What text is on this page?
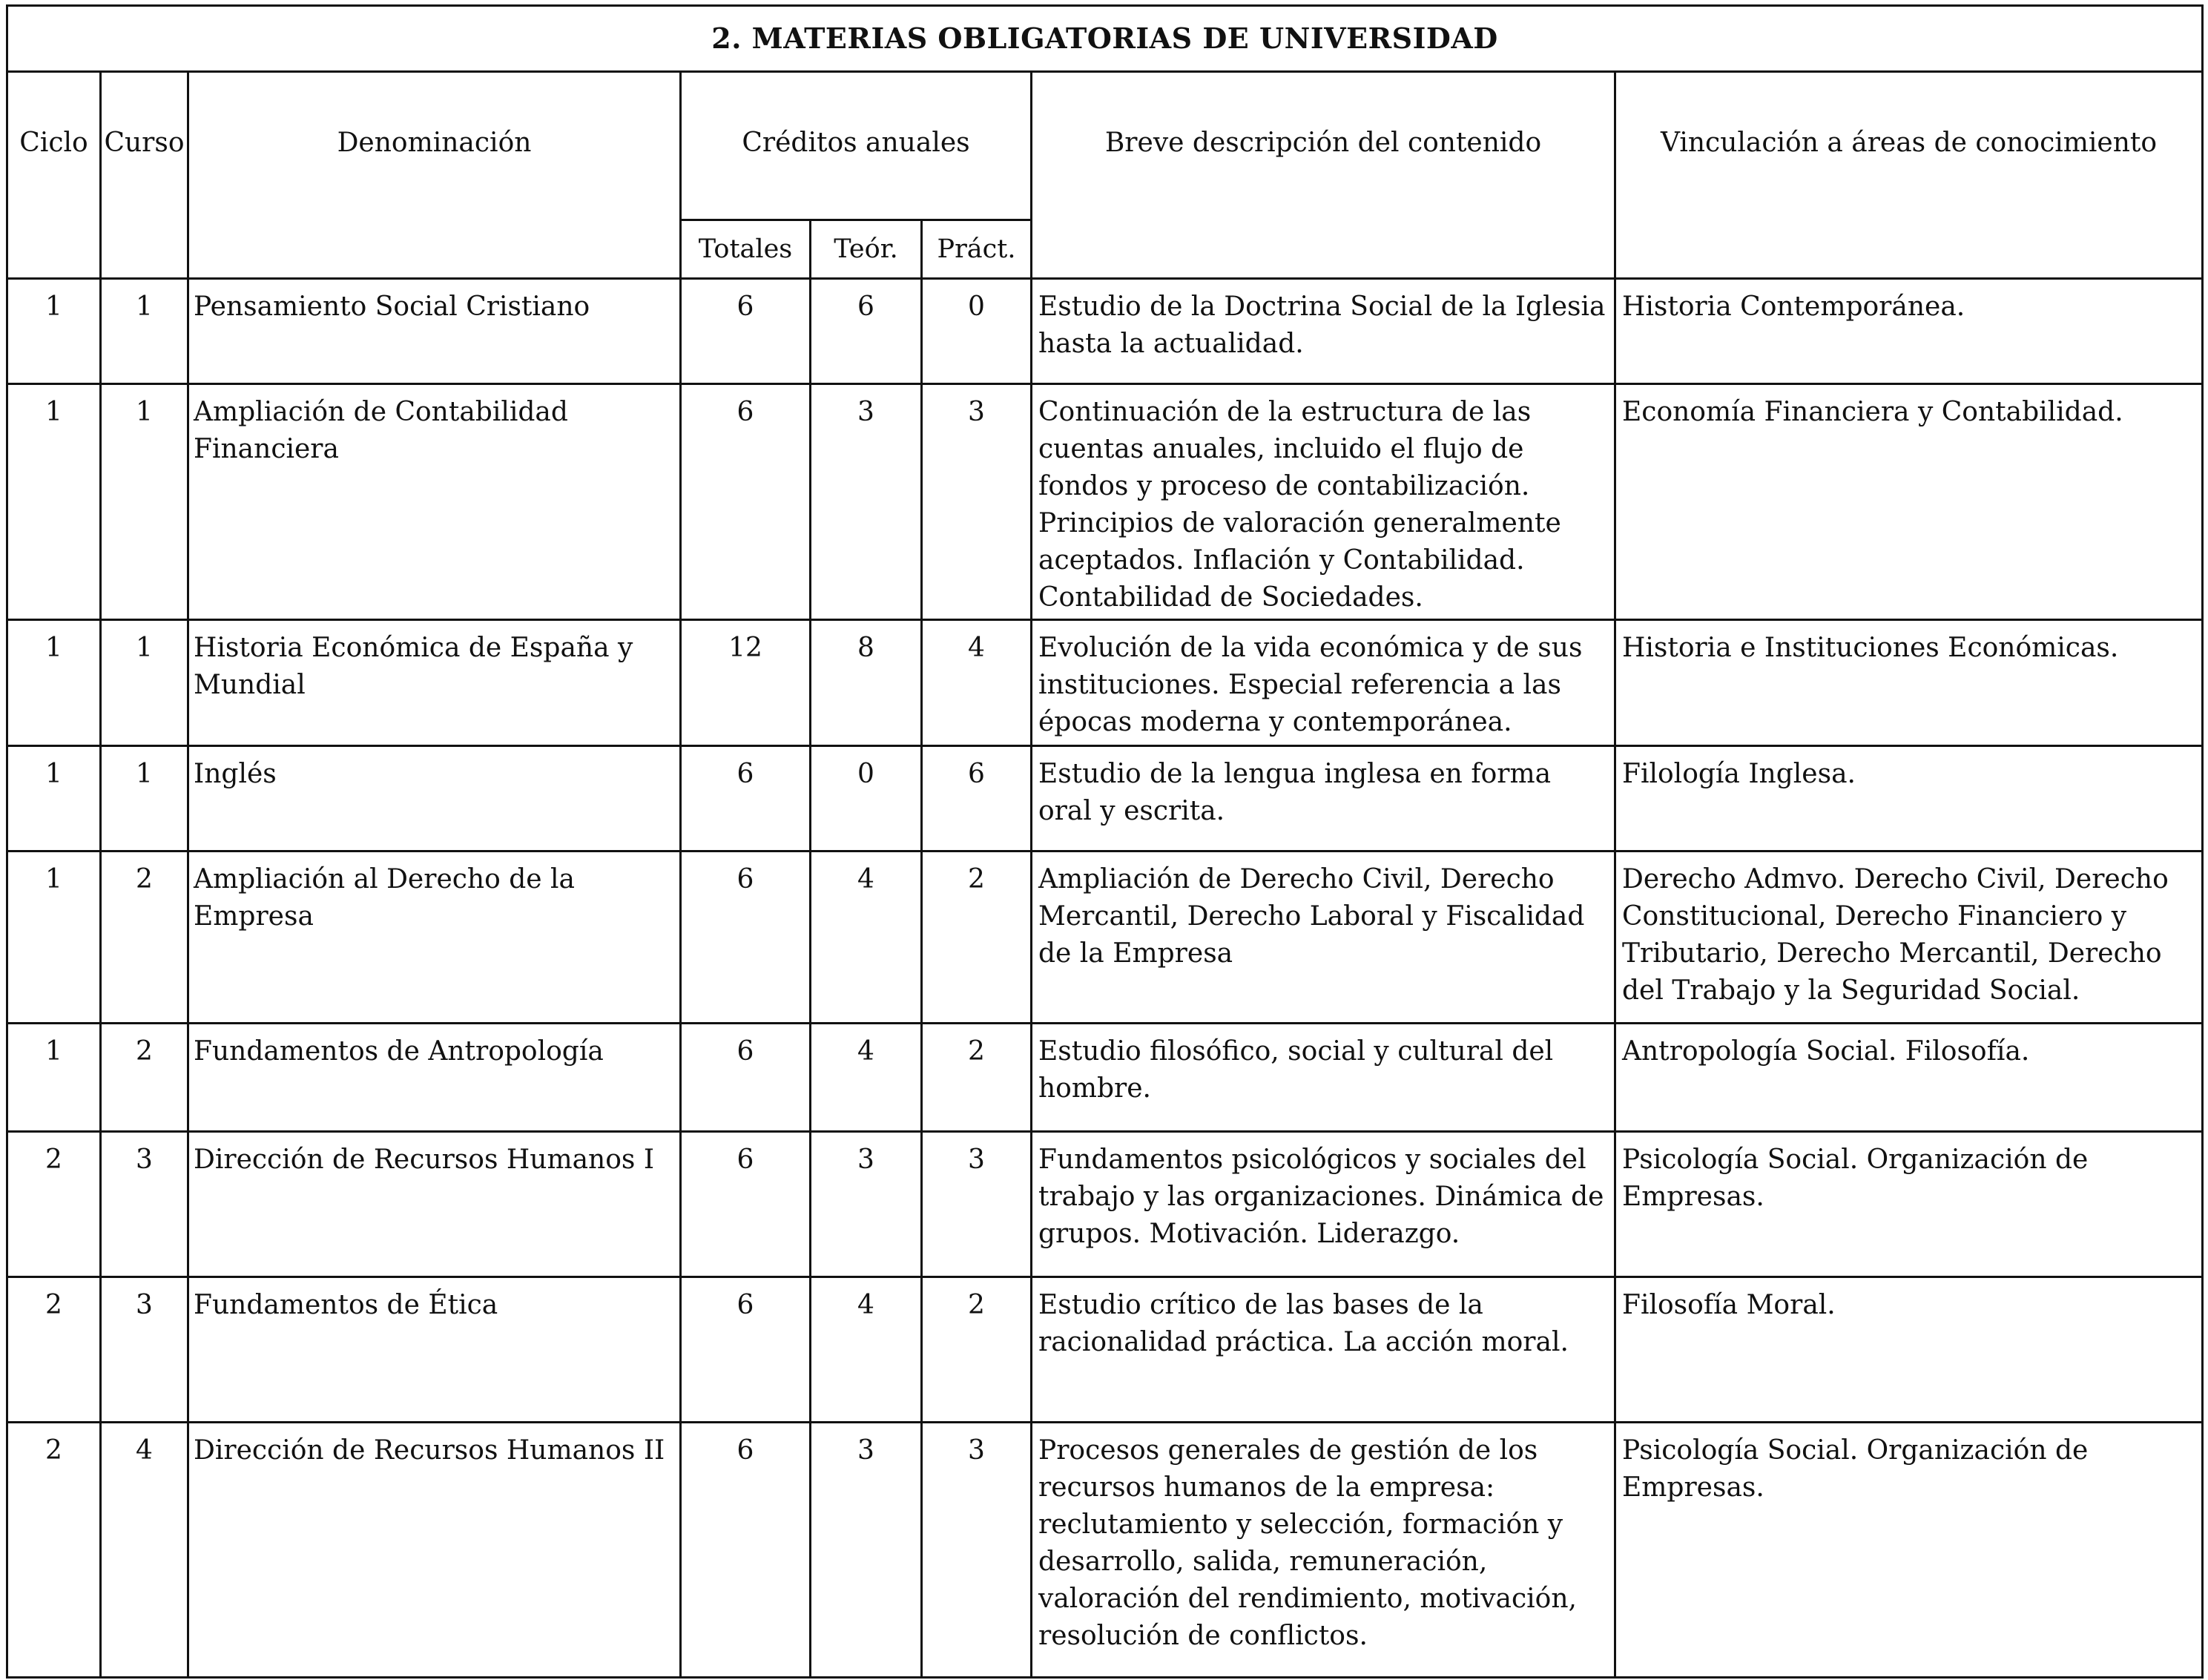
2. MATERIAS OBLIGATORIAS DE UNIVERSIDAD							
Ciclo	Curso	Denominación	Créditos anuales			Breve descripción del contenido	Vinculación a áreas de conocimiento
			Totales	Teór.	Práct.		
1	1	Pensamiento Social Cristiano	6	6	0	Estudio de la Doctrina Social de la Iglesia hasta la actualidad.	Historia Contemporánea.
1	1	Ampliación de Contabilidad Financiera	6	3	3	Continuación de la estructura de las cuentas anuales, incluido el flujo de fondos y proceso de contabilización. Principios de valoración generalmente aceptados. Inflación y Contabilidad. Contabilidad de Sociedades.	Economía Financiera y Contabilidad.
1	1	Historia Económica de España y Mundial	12	8	4	Evolución de la vida económica y de sus instituciones. Especial referencia a las épocas moderna y contemporánea.	Historia e Instituciones Económicas.
1	1	Inglés	6	0	6	Estudio de la lengua inglesa en forma oral y escrita.	Filología Inglesa.
1	2	Ampliación al Derecho de la Empresa	6	4	2	Ampliación de Derecho Civil, Derecho Mercantil, Derecho Laboral y Fiscalidad de la Empresa	Derecho Admvo. Derecho Civil, Derecho Constitucional, Derecho Financiero y Tributario, Derecho Mercantil, Derecho del Trabajo y la Seguridad Social.
1	2	Fundamentos de Antropología	6	4	2	Estudio filosófico, social y cultural del hombre.	Antropología Social. Filosofía.
2	3	Dirección de Recursos Humanos I	6	3	3	Fundamentos psicológicos y sociales del trabajo y las organizaciones. Dinámica de grupos. Motivación. Liderazgo.	Psicología Social. Organización de Empresas.
2	3	Fundamentos de Ética	6	4	2	Estudio crítico de las bases de la racionalidad práctica. La acción moral.	Filosofía Moral.
2	4	Dirección de Recursos Humanos II	6	3	3	Procesos generales de gestión de los recursos humanos de la empresa: reclutamiento y selección, formación y desarrollo, salida, remuneración, valoración del rendimiento, motivación, resolución de conflictos.	Psicología Social. Organización de Empresas.
